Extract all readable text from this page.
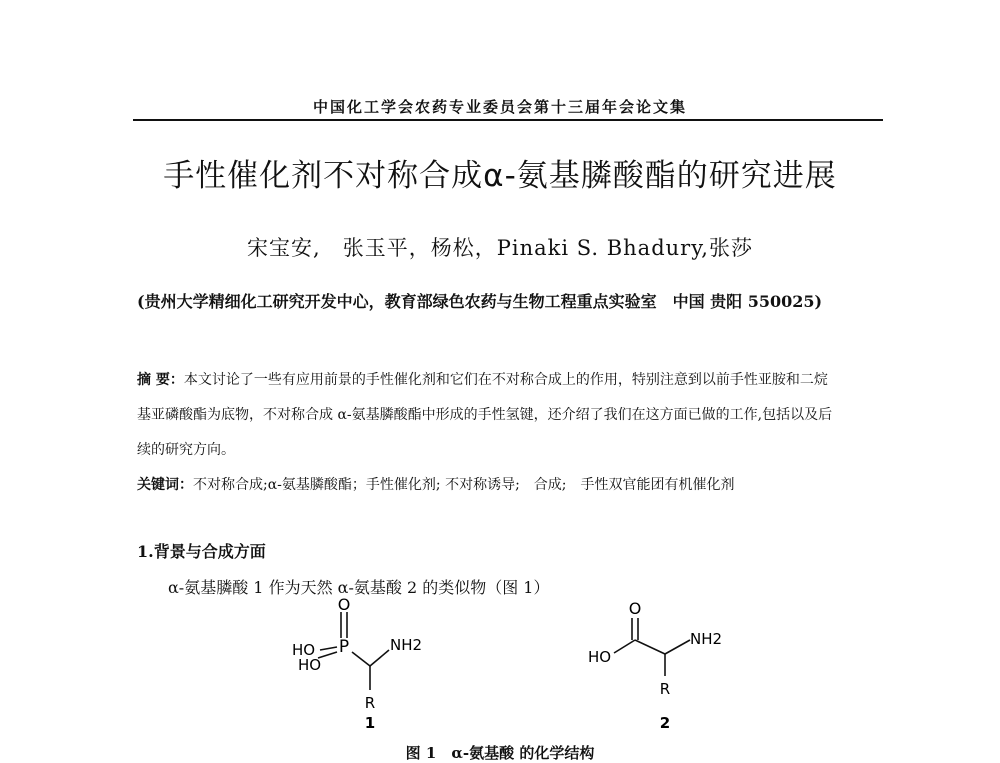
中国化工学会农药专业委员会第十三届年会论文集
手性催化剂不对称合成α-氨基膦酸酯的研究进展
宋宝安,　张玉平，杨松，Pinaki S. Bhadury,张莎
(贵州大学精细化工研究开发中心，教育部绿色农药与生物工程重点实验室　中国 贵阳 550025)
摘 要：本文讨论了一些有应用前景的手性催化剂和它们在不对称合成上的作用，特别注意到以前手性亚胺和二烷
基亚磷酸酯为底物，不对称合成 α-氨基膦酸酯中形成的手性氢键，还介绍了我们在这方面已做的工作,包括以及后
续的研究方向。
关键词：不对称合成;α-氨基膦酸酯；手性催化剂; 不对称诱导;　合成;　手性双官能团有机催化剂
1.背景与合成方面
α-氨基膦酸 1 作为天然 α-氨基酸 2 的类似物（图 1）
O
P
HO
HO
NH2
R
1
O
HO
NH2
R
2
图 1　α-氨基酸 的化学结构
